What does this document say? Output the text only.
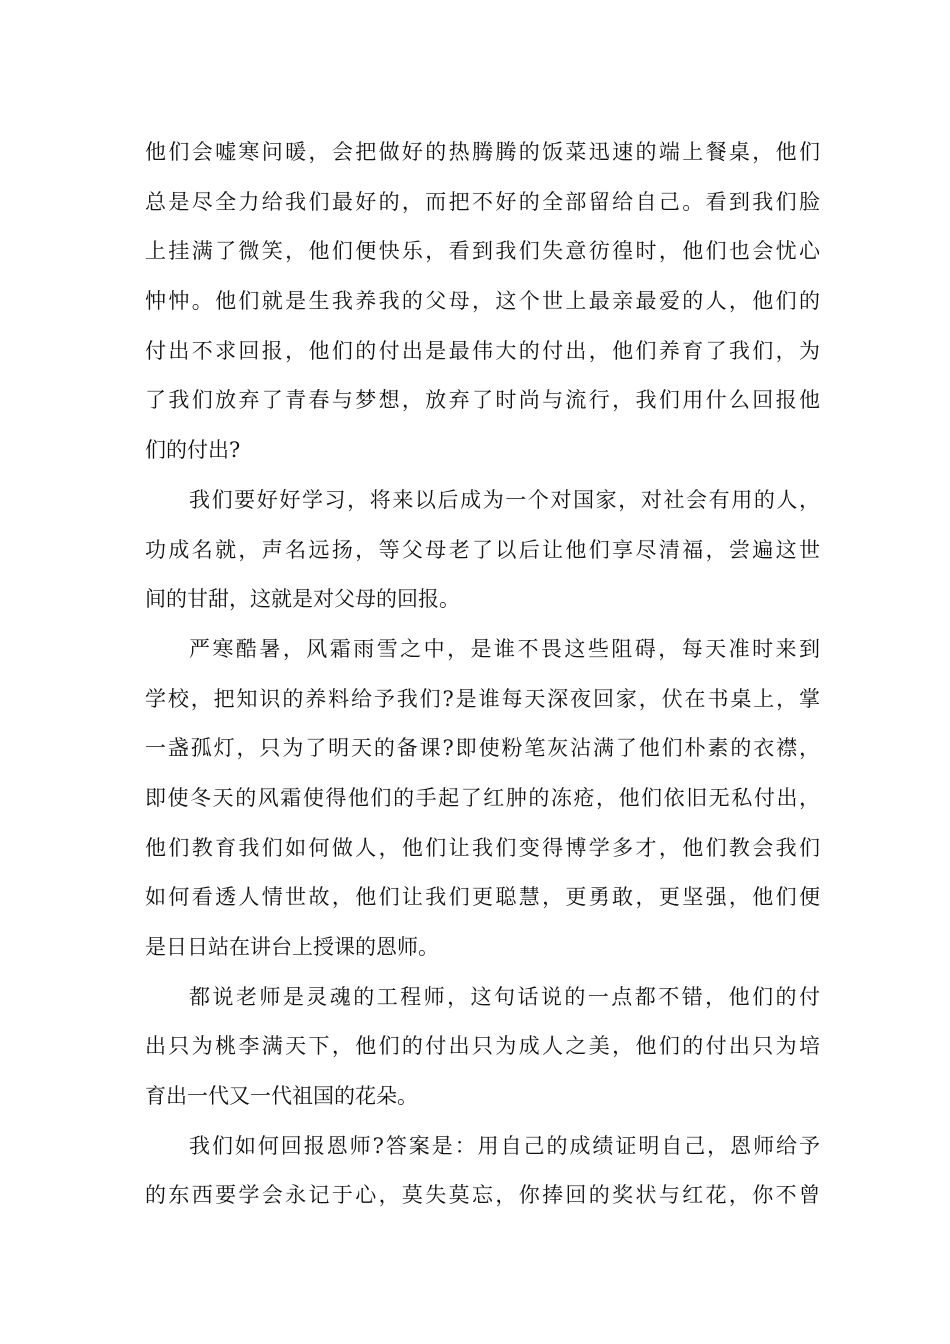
他们会嘘寒问暖，会把做好的热腾腾的饭菜迅速的端上餐桌，他们
总是尽全力给我们最好的，而把不好的全部留给自己。看到我们脸
上挂满了微笑，他们便快乐，看到我们失意彷徨时，他们也会忧心
忡忡。他们就是生我养我的父母，这个世上最亲最爱的人，他们的
付出不求回报，他们的付出是最伟大的付出，他们养育了我们，为
了我们放弃了青春与梦想，放弃了时尚与流行，我们用什么回报他
们的付出?
我们要好好学习，将来以后成为一个对国家，对社会有用的人，
功成名就，声名远扬，等父母老了以后让他们享尽清福，尝遍这世
间的甘甜，这就是对父母的回报。
严寒酷暑，风霜雨雪之中，是谁不畏这些阻碍，每天准时来到
学校，把知识的养料给予我们?是谁每天深夜回家，伏在书桌上，掌
一盏孤灯，只为了明天的备课?即使粉笔灰沾满了他们朴素的衣襟，
即使冬天的风霜使得他们的手起了红肿的冻疮，他们依旧无私付出，
他们教育我们如何做人，他们让我们变得博学多才，他们教会我们
如何看透人情世故，他们让我们更聪慧，更勇敢，更坚强，他们便
是日日站在讲台上授课的恩师。
都说老师是灵魂的工程师，这句话说的一点都不错，他们的付
出只为桃李满天下，他们的付出只为成人之美，他们的付出只为培
育出一代又一代祖国的花朵。
我们如何回报恩师?答案是：用自己的成绩证明自己，恩师给予
的东西要学会永记于心，莫失莫忘，你捧回的奖状与红花，你不曾
